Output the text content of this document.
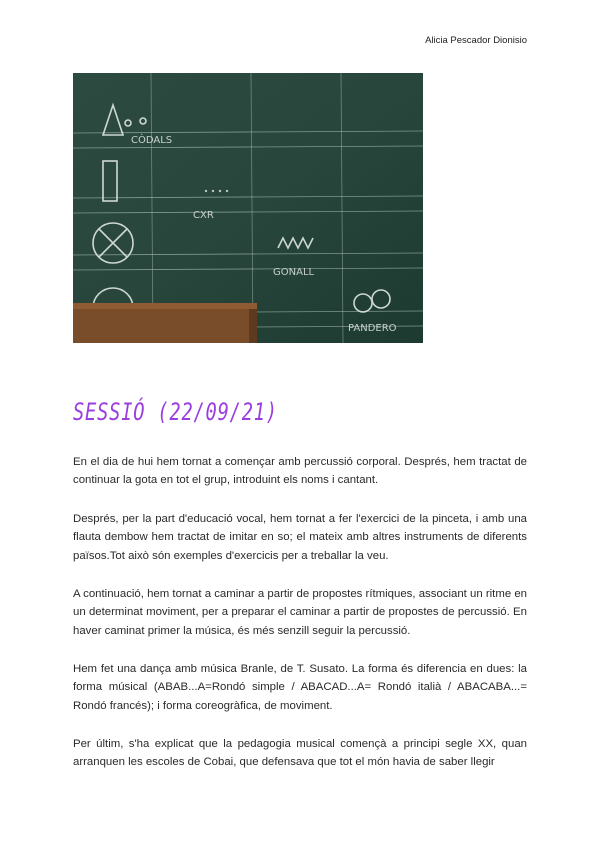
Alicia Pescador Dionisio
CÒDALS
CXR
GONALL
PANDERO
SESSIÓ (22/09/21)

En el dia de hui hem tornat a començar amb percussió corporal. Després, hem tractat de continuar la gota en tot el grup, introduint els noms i cantant.

Després, per la part d'educació vocal, hem tornat a fer l'exercici de la pinceta, i amb una flauta dembow hem tractat de imitar en so; el mateix amb altres instruments de diferents països.Tot això són exemples d'exercicis per a treballar la veu.

A continuació, hem tornat a caminar a partir de propostes rítmiques, associant un ritme en un determinat moviment, per a preparar el caminar a partir de propostes de percussió. En haver caminat primer la música, és més senzill seguir la percussió.

Hem fet una dança amb música Branle, de T. Susato. La forma és diferencia en dues: la forma músical (ABAB...A=Rondó simple / ABACAD...A= Rondó italià / ABACABA...= Rondó francés); i forma coreogràfica, de moviment.

Per últim, s'ha explicat que la pedagogia musical començà a principi segle XX, quan arranquen les escoles de Cobai, que defensava que tot el món havia de saber llegir
